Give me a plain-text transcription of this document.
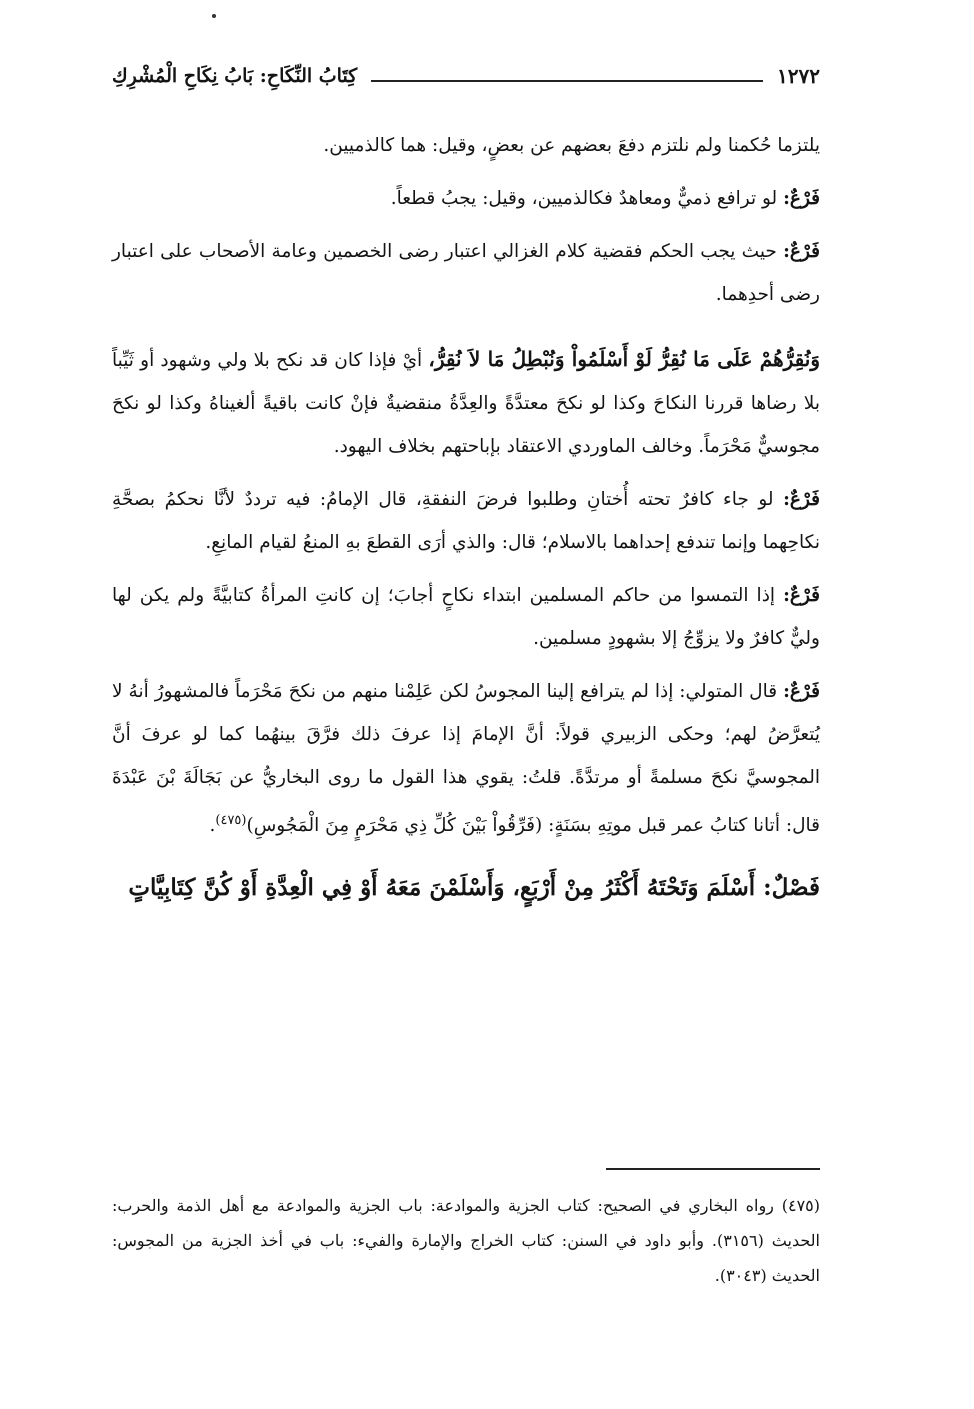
١٢٧٢
كِتَابُ النِّكَاحِ: بَابُ نِكَاحِ الْمُشْرِكِ

يلتزما حُكمنا ولم نلتزم دفعَ بعضهم عن بعضٍ، وقيل: هما كالذميين.

فَرْعٌ: لو ترافع ذميٌّ ومعاهدٌ فكالذميين، وقيل: يجبُ قطعاً.

فَرْعٌ: حيث يجب الحكم فقضية كلام الغزالي اعتبار رضى الخصمين وعامة الأصحاب على اعتبار رضى أحدِهما.

وَنُقِرُّهُمْ عَلَى مَا نُقِرُّ لَوْ أَسْلَمُواْ وَنُبْطِلُ مَا لاَ نُقِرُّ، أيْ فإذا كان قد نكح بلا ولي وشهود أو ثَيِّباً بلا رضاها قررنا النكاحَ وكذا لو نكحَ معتدَّةً والعِدَّةُ منقضيةٌ فإنْ كانت باقيةً ألغيناهُ وكذا لو نكحَ مجوسيٌّ مَحْرَماً. وخالف الماوردي الاعتقاد بإباحتهم بخلاف اليهود.

فَرْعٌ: لو جاء كافرٌ تحته أُختانِ وطلبوا فرضَ النفقةِ، قال الإمامُ: فيه ترددٌ لأنَّا نحكمُ بصحَّةِ نكاحِهما وإنما تندفع إحداهما بالاسلام؛ قال: والذي أرَى القطعَ بهِ المنعُ لقيام المانِعِ.

فَرْعٌ: إذا التمسوا من حاكم المسلمين ابتداء نكاحٍ أجابَ؛ إن كانتِ المرأةُ كتابيَّةً ولم يكن لها وليٌّ كافرٌ ولا يزوِّجُ إلا بشهودٍ مسلمين.

فَرْعٌ: قال المتولي: إذا لم يترافع إلينا المجوسُ لكن عَلِمْنا منهم من نكحَ مَحْرَماً فالمشهورُ أنهُ لا يُتعرَّضُ لهم؛ وحكى الزبيري قولاً: أنَّ الإمامَ إذا عرفَ ذلك فرَّقَ بينهُما كما لو عرفَ أنَّ المجوسيَّ نكحَ مسلمةً أو مرتدَّةً. قلتُ: يقوي هذا القول ما روى البخاريُّ عن بَجَالَةَ بْنَ عَبْدَةَ قال: أتانا كتابُ عمر قبل موتِهِ بسَنَةٍ: (فَرِّقُواْ بَيْنَ كُلِّ ذِي مَحْرَمٍ مِنَ الْمَجُوسِ)$^{(٤٧٥)}$.

فَصْلٌ: أَسْلَمَ وَتَحْتَهُ أَكْثَرُ مِنْ أَرْبَعٍ، وَأَسْلَمْنَ مَعَهُ أَوْ فِي الْعِدَّةِ أَوْ كُنَّ كِتَابِيَّاتٍ

(٤٧٥) رواه البخاري في الصحيح: كتاب الجزية والموادعة: باب الجزية والموادعة مع أهل الذمة والحرب: الحديث (٣١٥٦). وأبو داود في السنن: كتاب الخراج والإمارة والفيء: باب في أخذ الجزية من المجوس: الحديث (٣٠٤٣).
